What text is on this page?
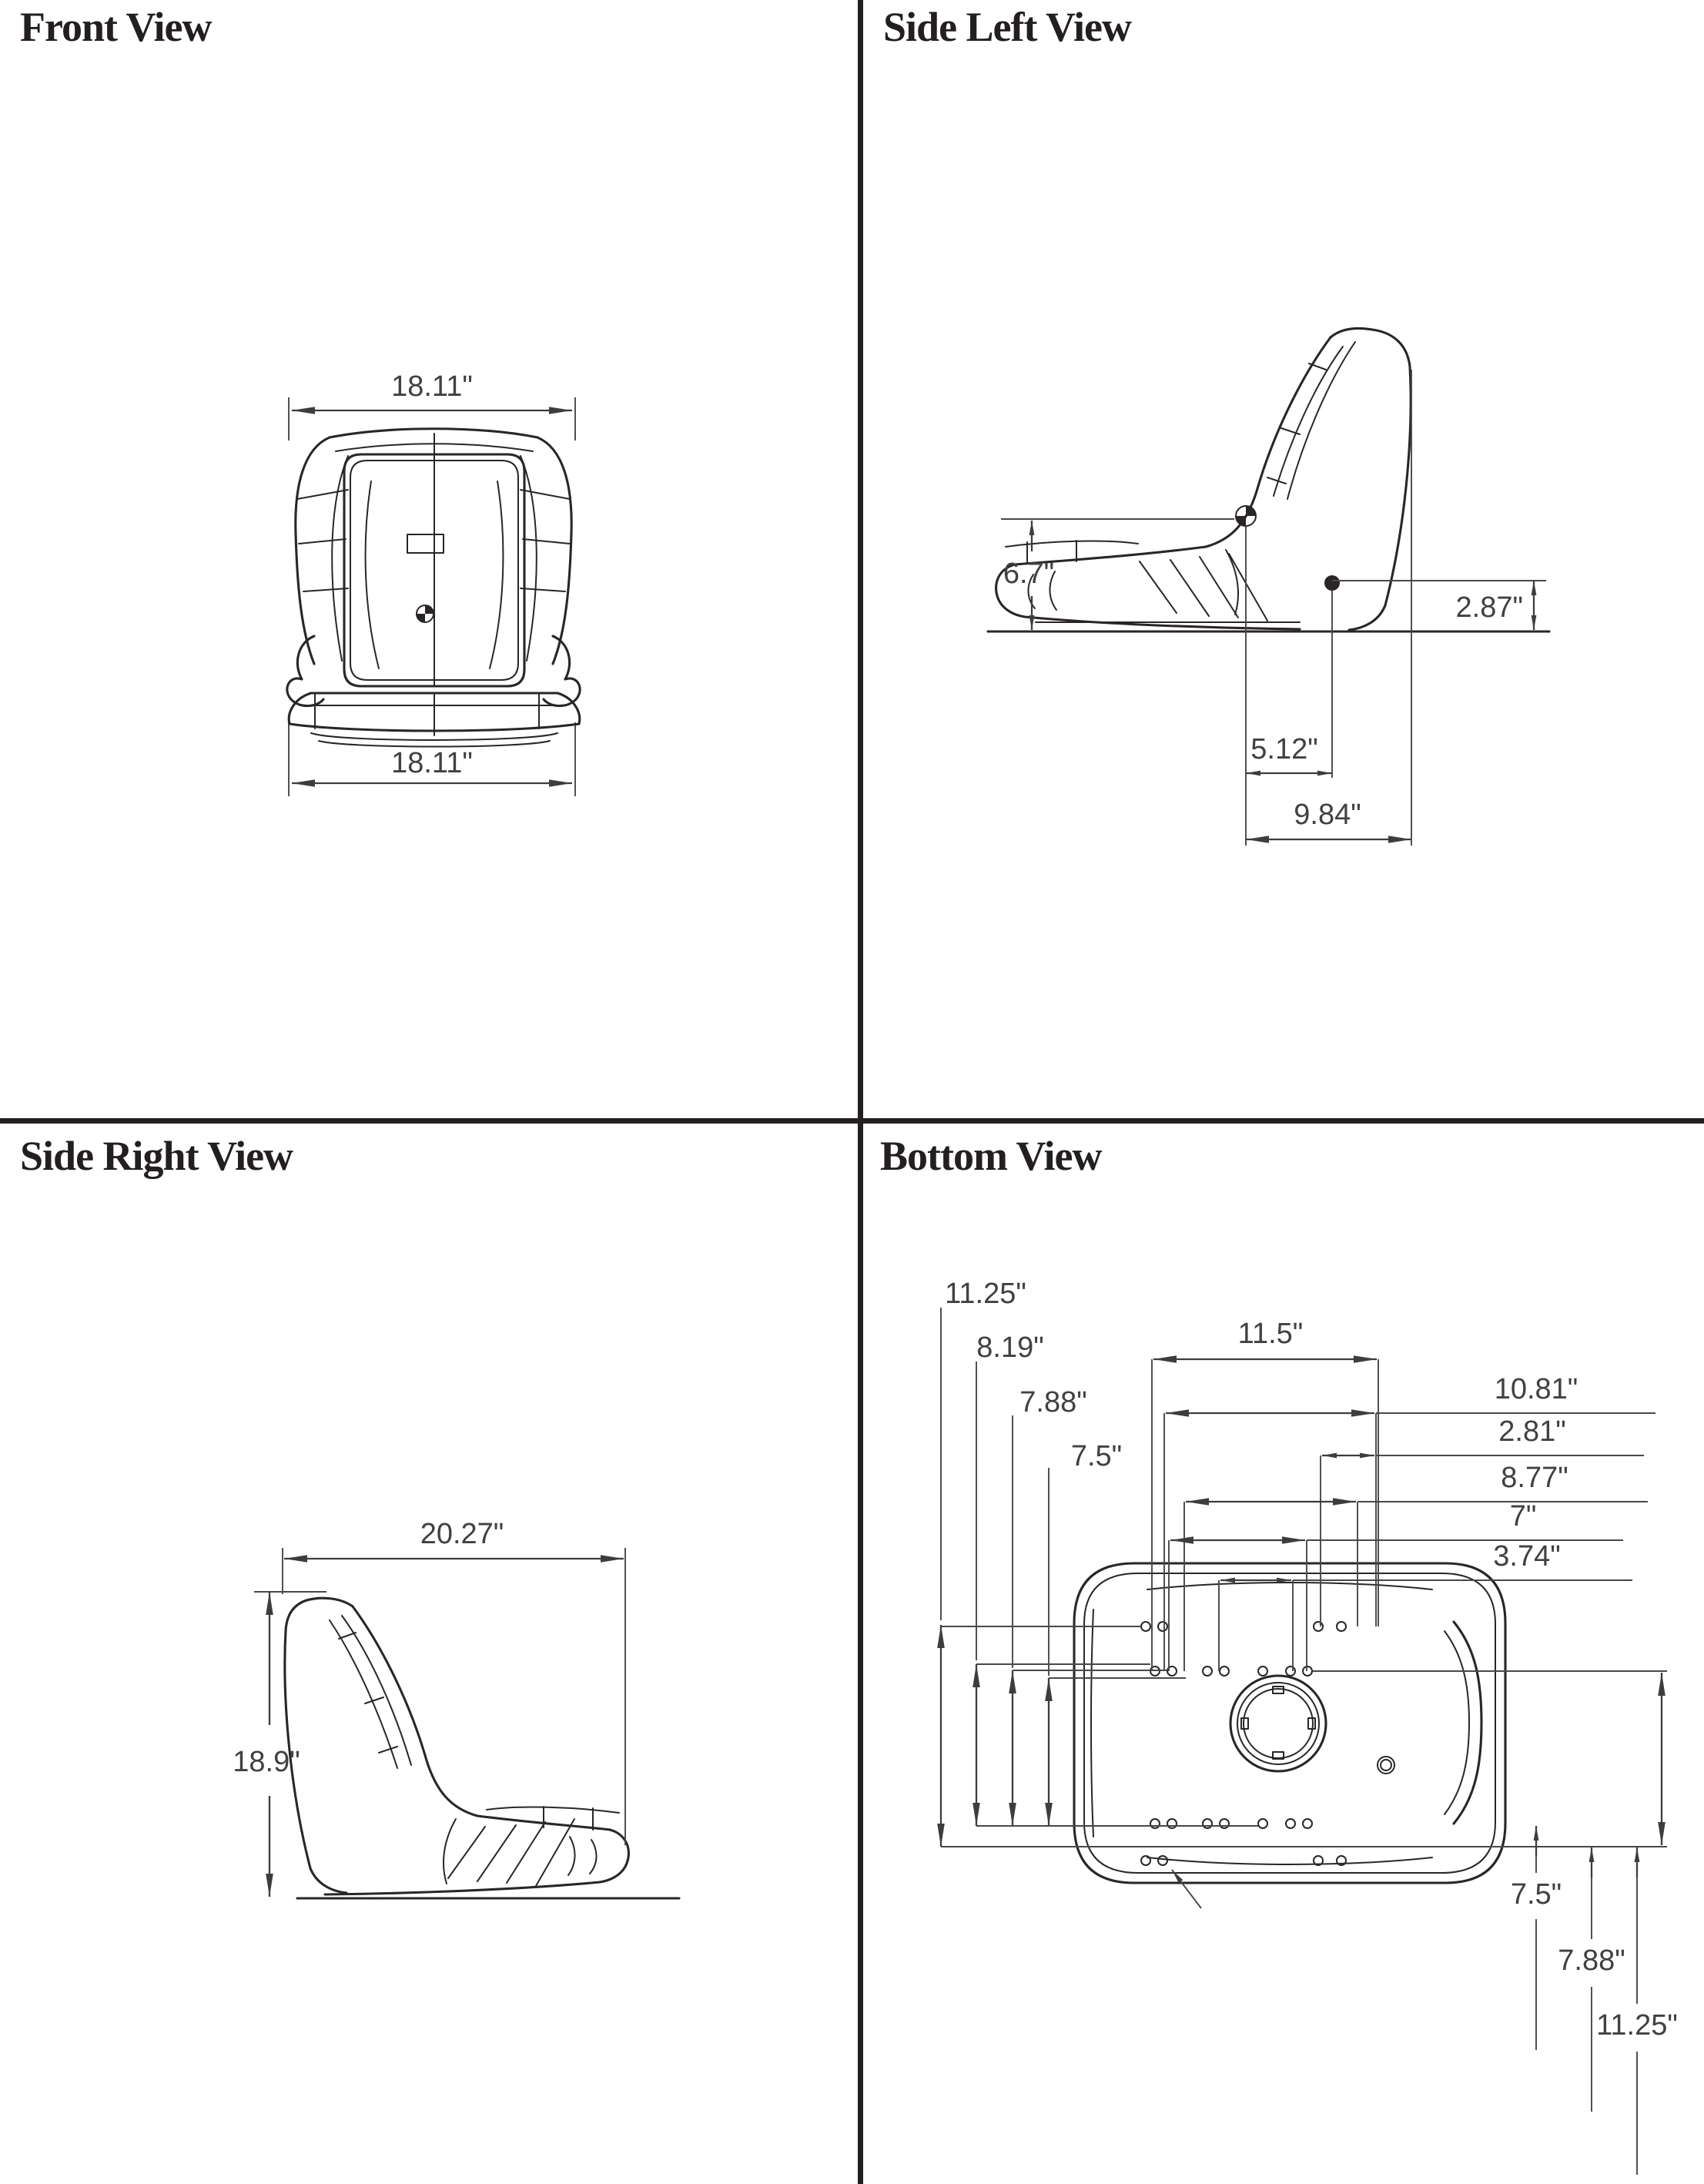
Front View
18.11"
18.11"
Side Left View
6.7"
2.87"
5.12"
9.84"
Side Right View
20.27"
18.9"
Bottom View
11.5"
10.81"
2.81"
8.77"
7"
3.74"
11.25"
8.19"
7.88"
7.5"
7.5"
7.88"
11.25"
